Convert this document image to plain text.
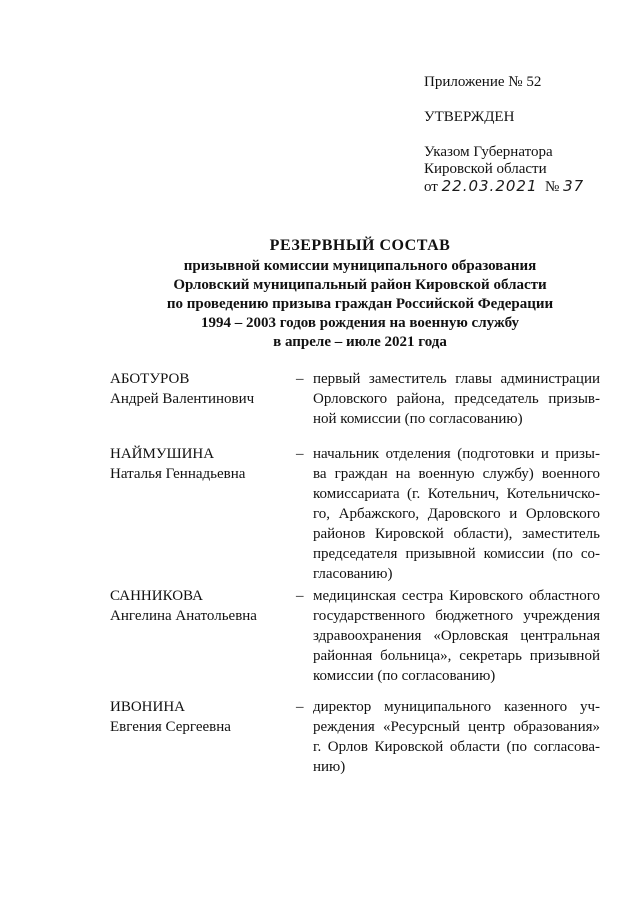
Приложение № 52
УТВЕРЖДЕН
Указом Губернатора
Кировской области
от 22.03.2021 № 37
РЕЗЕРВНЫЙ СОСТАВ
призывной комиссии муниципального образования
Орловский муниципальный район Кировской области
по проведению призыва граждан Российской Федерации
1994 – 2003 годов рождения на военную службу
в апреле – июле 2021 года
АБОТУРОВ
Андрей Валентинович
– первый заместитель главы администрации
Орловского района, председатель призыв-
ной комиссии (по согласованию)
НАЙМУШИНА
Наталья Геннадьевна
– начальник отделения (подготовки и призы-
ва граждан на военную службу) военного
комиссариата (г. Котельнич, Котельничско-
го, Арбажского, Даровского и Орловского
районов Кировской области), заместитель
председателя призывной комиссии (по со-
гласованию)
САННИКОВА
Ангелина Анатольевна
– медицинская сестра Кировского областного
государственного бюджетного учреждения
здравоохранения «Орловская центральная
районная больница», секретарь призывной
комиссии (по согласованию)
ИВОНИНА
Евгения Сергеевна
– директор муниципального казенного уч-
реждения «Ресурсный центр образования»
г. Орлов Кировской области (по согласова-
нию)
